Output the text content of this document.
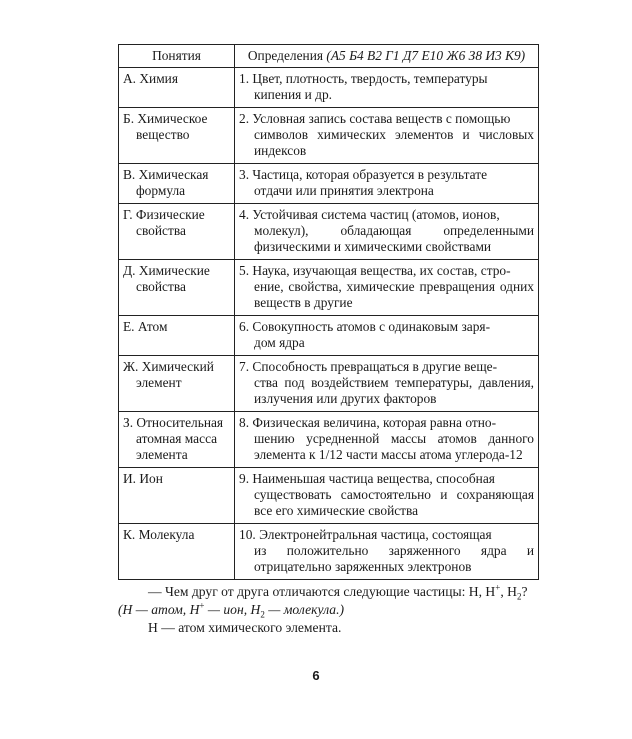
Понятия	Определения (А5 Б4 В2 Г1 Д7 Е10 Ж6 З8 И3 К9)
А. Химия	1. Цвет, плотность, твердость, температуры
кипения и др.

Б. Химическое
вещество	2. Условная запись состава веществ с помощью
символов химических элементов и числовых индексов

В. Химическая
формула	3. Частица, которая образуется в результате
отдачи или принятия электрона

Г. Физические
свойства	4. Устойчивая система частиц (атомов, ионов,
молекул), обладающая определенными физическими и химическими свойствами

Д. Химические
свойства	5. Наука, изучающая вещества, их состав, стро-
ение, свойства, химические превращения одних веществ в другие

Е. Атом	6. Совокупность атомов с одинаковым заря-
дом ядра

Ж. Химический
элемент	7. Способность превращаться в другие веще-
ства под воздействием температуры, давления, излучения или других факторов

З. Относительная
атомная масса элемента	8. Физическая величина, которая равна отно-
шению усредненной массы атомов данного элемента к 1/12 части массы атома углерода-12

И. Ион	9. Наименьшая частица вещества, способная
существовать самостоятельно и сохраняющая все его химические свойства

К. Молекула	10. Электронейтральная частица, состоящая
из положительно заряженного ядра и отрицательно заряженных электронов

— Чем друг от друга отличаются следующие частицы: H, H+, $H_2$?

(H — атом, H+ — ион, $H_2$ — молекула.)

H — атом химического элемента.

6
